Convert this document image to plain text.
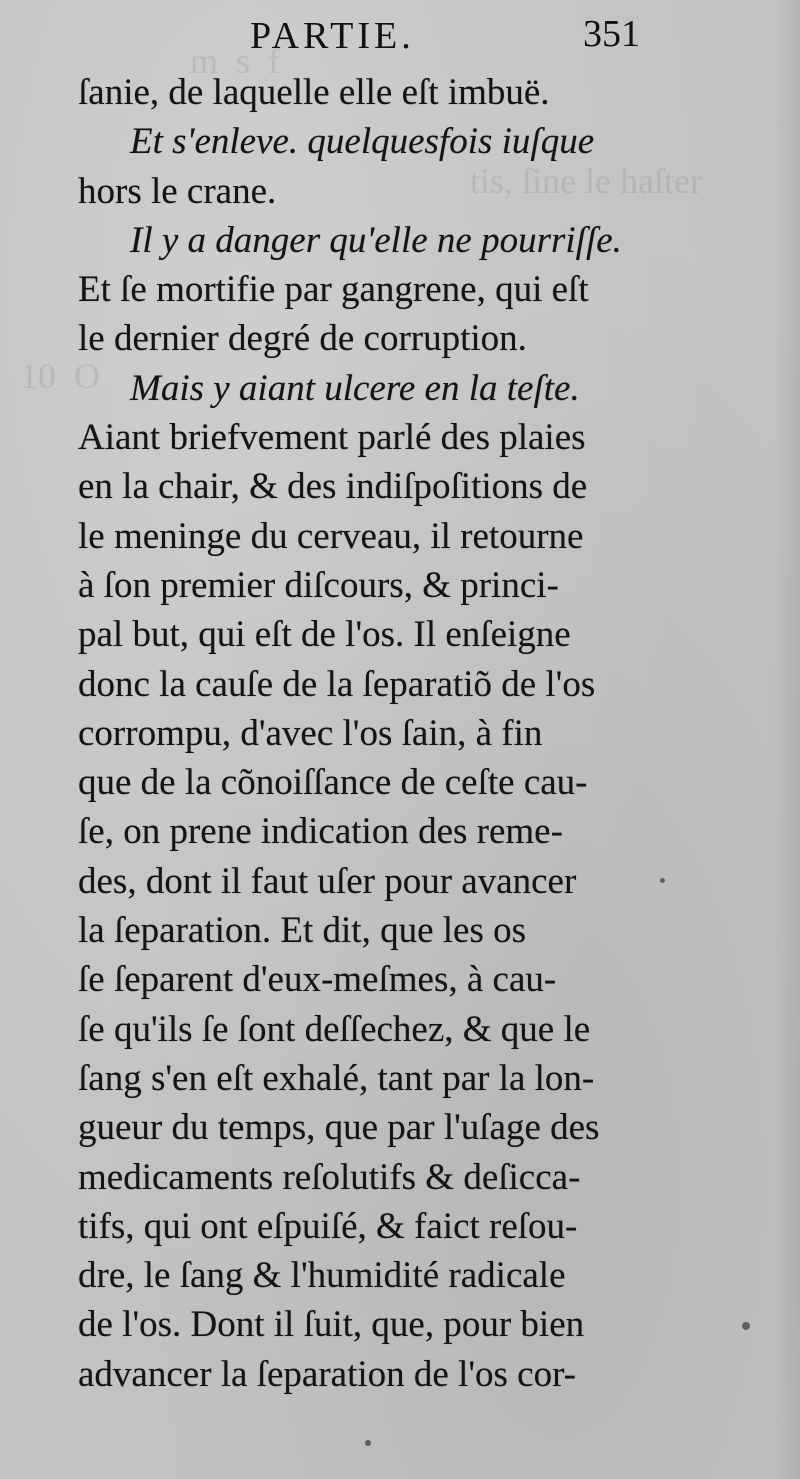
m  s  f
tis, ſine le haſter
10  O
PARTIE.	351
ſanie, de laquelle elle eſt imbuë.
Et s'enleve. quelquesfois iuſque
hors le crane.
Il y a danger qu'elle ne pourriſſe.
Et ſe mortifie par gangrene, qui eſt
le dernier degré de corruption.
Mais y aiant ulcere en la teſte.
Aiant briefvement parlé des plaies
en la chair, & des indiſpoſitions de
le meninge du cerveau, il retourne
à ſon premier diſcours, & princi-
pal but, qui eſt de l'os. Il enſeigne
donc la cauſe de la ſeparatiõ de l'os
corrompu, d'avec l'os ſain, à fin
que de la cõnoiſſance de ceſte cau-
ſe, on prene indication des reme-
des, dont il faut uſer pour avancer
la ſeparation. Et dit, que les os
ſe ſeparent d'eux-meſmes, à cau-
ſe qu'ils ſe ſont deſſechez, & que le
ſang s'en eſt exhalé, tant par la lon-
gueur du temps, que par l'uſage des
medicaments reſolutifs & deſicca-
tifs, qui ont eſpuiſé, & faict reſou-
dre, le ſang & l'humidité radicale
de l'os. Dont il ſuit, que, pour bien
advancer la ſeparation de l'os cor-
